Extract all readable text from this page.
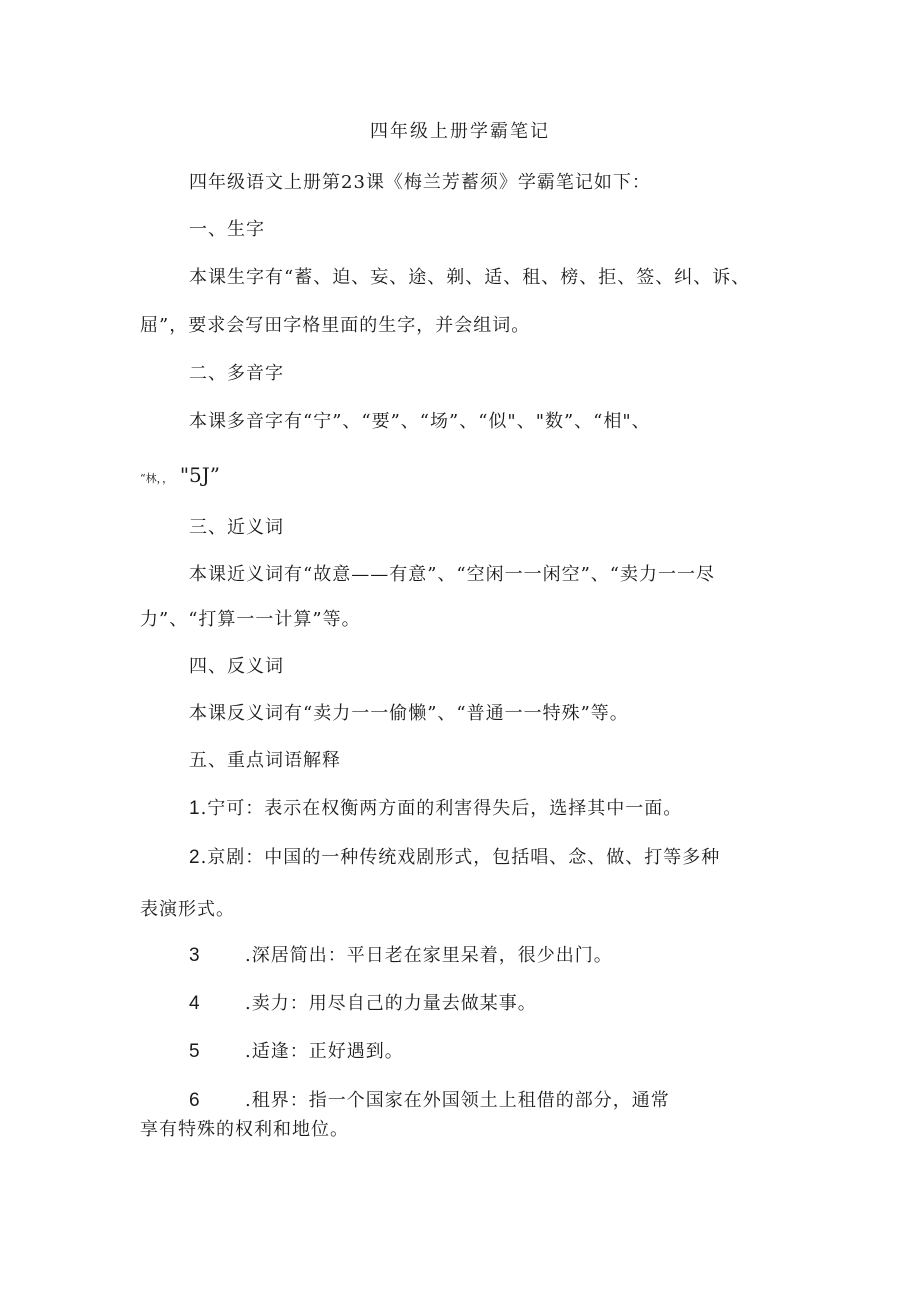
四年级上册学霸笔记
四年级语文上册第23课《梅兰芳蓄须》学霸笔记如下：
一、生字
本课生字有“蓄、迫、妄、途、剃、适、租、榜、拒、签、纠、诉、
屈”，要求会写田字格里面的生字，并会组词。
二、多音字
本课多音字有“宁”、“要”、“场”、“似"、"数”、“相"、
“林，， "5J”
三、近义词
本课近义词有“故意——有意”、“空闲一一闲空”、“卖力一一尽
力”、“打算一一计算”等。
四、反义词
本课反义词有“卖力一一偷懒”、“普通一一特殊”等。
五、重点词语解释
1.宁可：表示在权衡两方面的利害得失后，选择其中一面。
2.京剧：中国的一种传统戏剧形式，包括唱、念、做、打等多种
表演形式。
3 .深居简出：平日老在家里呆着，很少出门。
4 .卖力：用尽自己的力量去做某事。
5 .适逢：正好遇到。
6 .租界：指一个国家在外国领土上租借的部分，通常
享有特殊的权利和地位。
